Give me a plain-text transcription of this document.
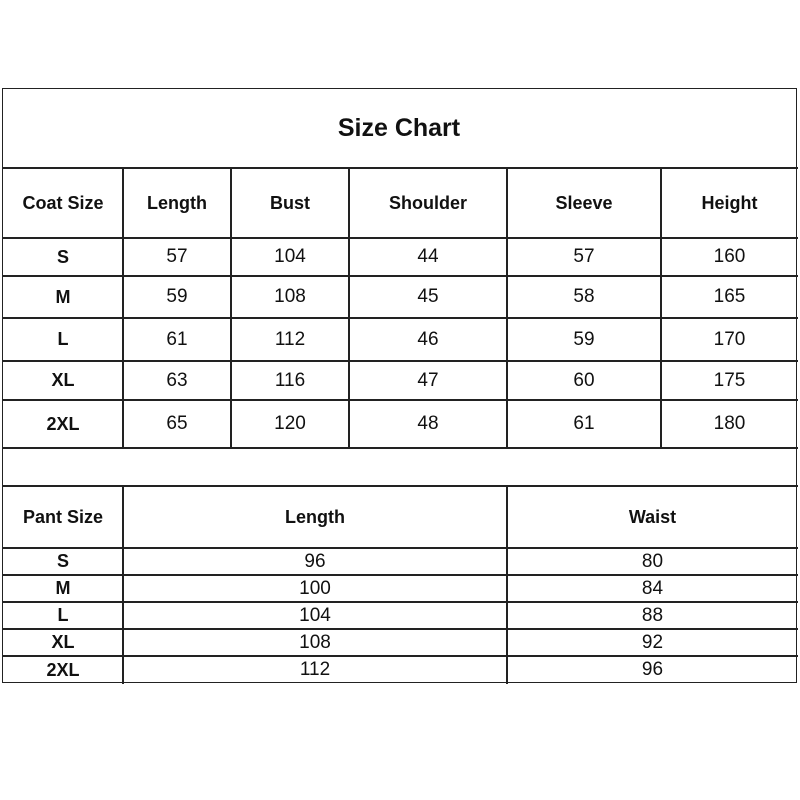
Size Chart
Coat Size	Length	Bust	Shoulder	Sleeve	Height
S	57	104	44	57	160
M	59	108	45	58	165
L	61	112	46	59	170
XL	63	116	47	60	175
2XL	65	120	48	61	180
Pant Size	Length	Waist
S	96	80
M	100	84
L	104	88
XL	108	92
2XL	112	96
